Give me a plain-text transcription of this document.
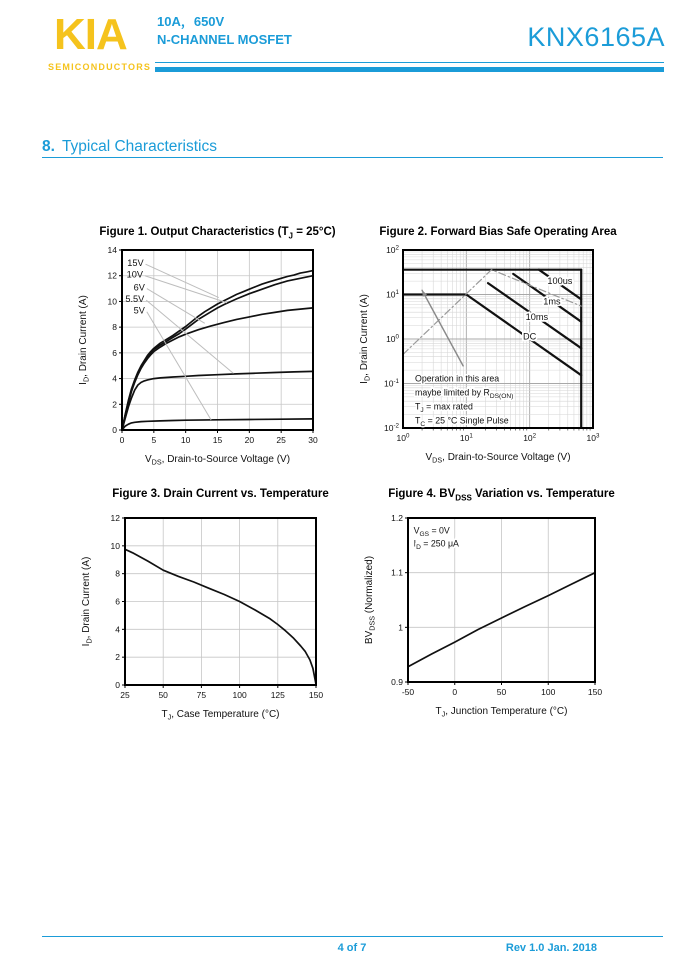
KIA
SEMICONDUCTORS
10A，650V
N-CHANNEL MOSFET	KNX6165A
8. Typical Characteristics
Figure 1. Output Characteristics $(T_J = 25^\circ C)$
0	5	10	15	20	25	30
0
2
4
6
8
10
12
14
$V_{DS}$, Drain-to-Source Voltage (V)
$I_D$, Drain Current (A)
15V
10V
6V
5.5V
5V
Figure 2. Forward Bias Safe Operating Area
$10^0$	$10^1$	$10^2$	$10^3$
$10^2$
$10^1$
$10^0$
$10^{-1}$
$10^{-2}$
$V_{DS}$, Drain-to-Source Voltage (V)
$I_D$, Drain Current (A)
100us
1ms
10ms
DC
Operation in this area
maybe limited by $R_{DS(ON)}$
$T_J = \max$ rated
$T_C = 25$ °C Single Pulse
Figure 3. Drain Current vs. Temperature
25	50	75	100	125	150
0
2
4
6
8
10
12
$T_J$, Case Temperature (°C)
$I_D$, Drain Current (A)
Figure 4. $BV_{DSS}$ Variation vs. Temperature
-50	0	50	100	150
0.9
1
1.1
1.2
$T_J$, Junction Temperature (°C)
$BV_{DSS}$ (Normalized)
$V_{GS} = 0V$
$I_D = 250$ μA
4 of 7	Rev 1.0 Jan. 2018
